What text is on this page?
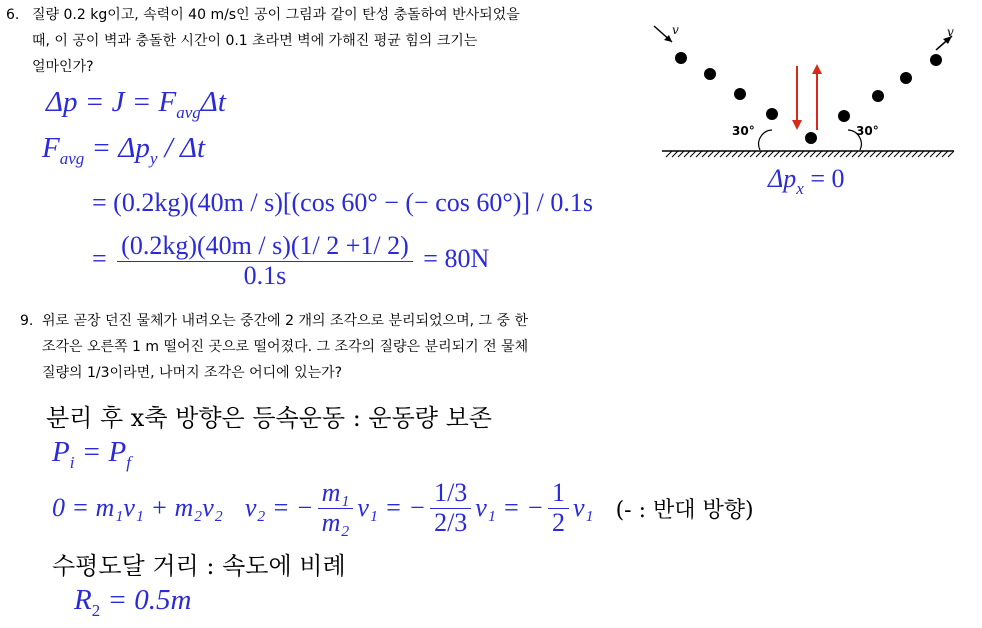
6. 질량 0.2 kg이고, 속력이 40 m/s인 공이 그림과 같이 탄성 충돌하여 반사되었을
때, 이 공이 벽과 충돌한 시간이 0.1 초라면 벽에 가해진 평균 힘의 크기는
얼마인가?
$\Delta p = J = F_{avg}\Delta t$
$F_{avg} = \Delta p_y / \Delta t$
= (0.2kg)(40m / s)[(cos 60° − (− cos 60°)] / 0.1s
= $\frac{(0.2kg)(40m / s)(1/ 2 +1/ 2)}{0.1s} = 80N$
v	v
30°	30°
$\Delta p_x = 0$
9. 위로 곧장 던진 물체가 내려오는 중간에 2 개의 조각으로 분리되었으며, 그 중 한
조각은 오른쪽 1 m 떨어진 곳으로 떨어졌다. 그 조각의 질량은 분리되기 전 물체
질량의 1/3이라면, 나머지 조각은 어디에 있는가?
분리 후 x축 방향은 등속운동 : 운동량 보존
$P_i = P_f$
0 = m₁v₁ + m₂v₂ v₂ = − $\frac{\text{m₁}}{\text{m₂}} v_1$ = − $\frac{1/3}{2/3} v_1$ = − $\frac{1}{2} v_1$ (- : 반대 방향)
수평도달 거리 : 속도에 비례
$R_2 = 0.5m$
